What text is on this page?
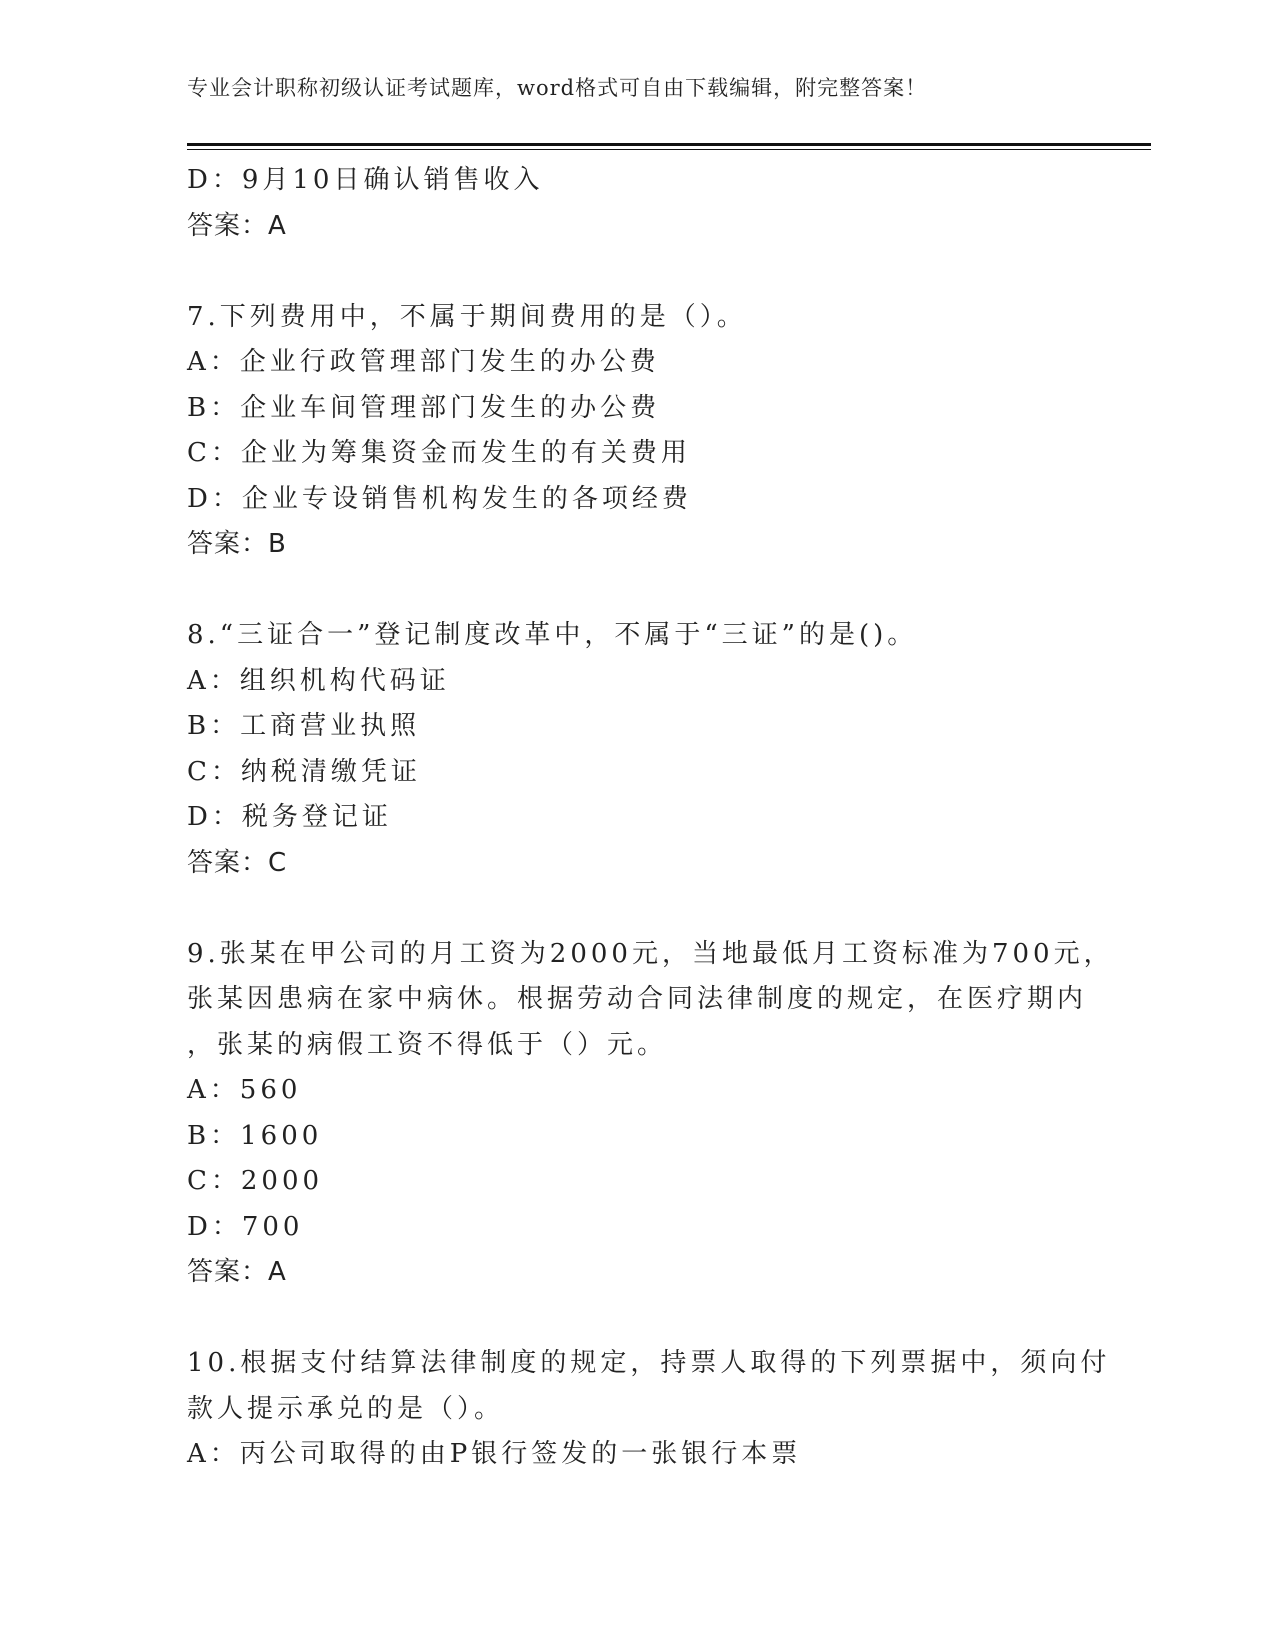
专业会计职称初级认证考试题库，word格式可自由下载编辑，附完整答案！
D：9月10日确认销售收入
答案：A
7.下列费用中，不属于期间费用的是（）。
A：企业行政管理部门发生的办公费
B：企业车间管理部门发生的办公费
C：企业为筹集资金而发生的有关费用
D：企业专设销售机构发生的各项经费
答案：B
8.“三证合一”登记制度改革中，不属于“三证”的是()。
A：组织机构代码证
B：工商营业执照
C：纳税清缴凭证
D：税务登记证
答案：C
9.张某在甲公司的月工资为2000元，当地最低月工资标准为700元，
张某因患病在家中病休。根据劳动合同法律制度的规定，在医疗期内
，张某的病假工资不得低于（）元。
A：560
B：1600
C：2000
D：700
答案：A
10.根据支付结算法律制度的规定，持票人取得的下列票据中，须向付
款人提示承兑的是（）。
A：丙公司取得的由P银行签发的一张银行本票
